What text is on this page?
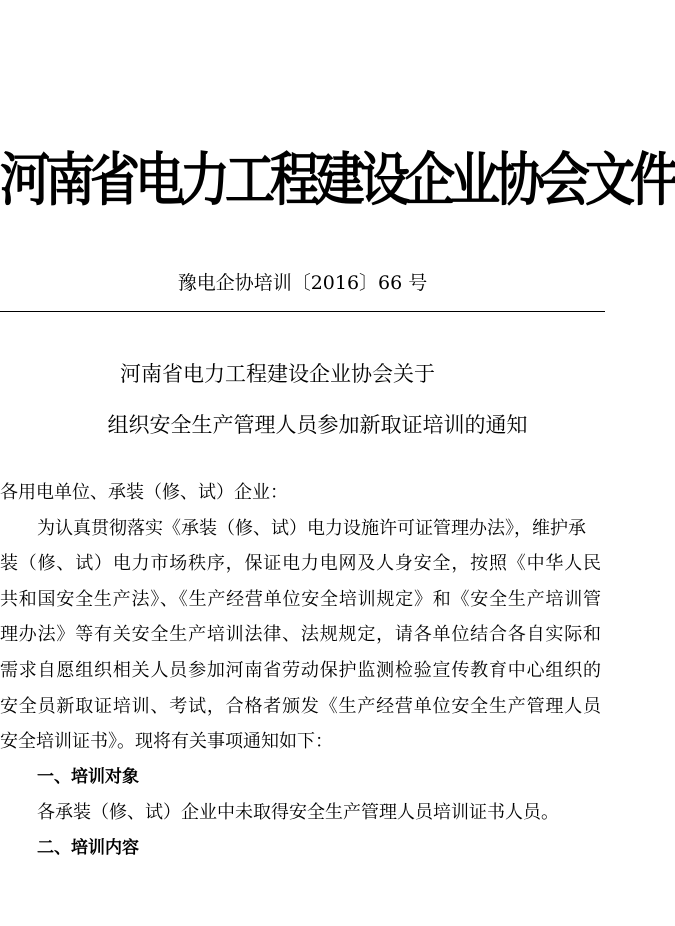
河南省电力工程建设企业协会文件
豫电企协培训〔2016〕66 号
河南省电力工程建设企业协会关于
组织安全生产管理人员参加新取证培训的通知
各用电单位、承装（修、试）企业：
为认真贯彻落实《承装（修、试）电力设施许可证管理办法》，维护承
装（修、试）电力市场秩序，保证电力电网及人身安全，按照《中华人民
共和国安全生产法》、《生产经营单位安全培训规定》和《安全生产培训管
理办法》等有关安全生产培训法律、法规规定，请各单位结合各自实际和
需求自愿组织相关人员参加河南省劳动保护监测检验宣传教育中心组织的
安全员新取证培训、考试，合格者颁发《生产经营单位安全生产管理人员
安全培训证书》。现将有关事项通知如下：
一、培训对象
各承装（修、试）企业中未取得安全生产管理人员培训证书人员。
二、培训内容
